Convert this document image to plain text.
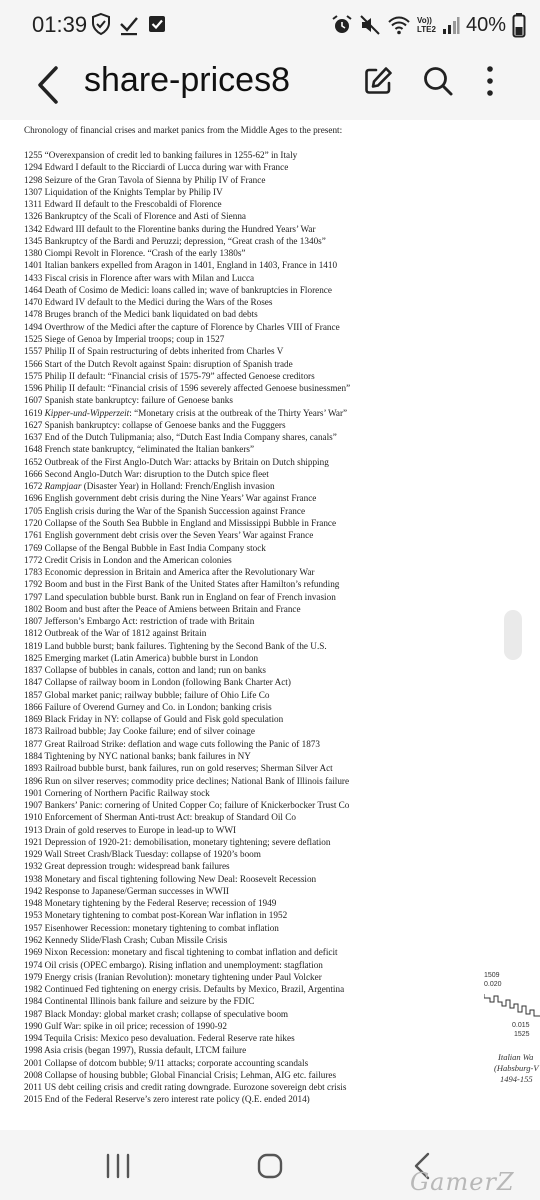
01:39	Vo))
LTE2 40%
share-prices8
Chronology of financial crises and market panics from the Middle Ages to the present:
1255 “Overexpansion of credit led to banking failures in 1255-62” in Italy
1294 Edward I default to the Ricciardi of Lucca during war with France
1298 Seizure of the Gran Tavola of Sienna by Philip IV of France
1307 Liquidation of the Knights Templar by Philip IV
1311 Edward II default to the Frescobaldi of Florence
1326 Bankruptcy of the Scali of Florence and Asti of Sienna
1342 Edward III default to the Florentine banks during the Hundred Years’ War
1345 Bankruptcy of the Bardi and Peruzzi; depression, “Great crash of the 1340s”
1380 Ciompi Revolt in Florence. “Crash of the early 1380s”
1401 Italian bankers expelled from Aragon in 1401, England in 1403, France in 1410
1433 Fiscal crisis in Florence after wars with Milan and Lucca
1464 Death of Cosimo de Medici: loans called in; wave of bankruptcies in Florence
1470 Edward IV default to the Medici during the Wars of the Roses
1478 Bruges branch of the Medici bank liquidated on bad debts
1494 Overthrow of the Medici after the capture of Florence by Charles VIII of France
1525 Siege of Genoa by Imperial troops; coup in 1527
1557 Philip II of Spain restructuring of debts inherited from Charles V
1566 Start of the Dutch Revolt against Spain: disruption of Spanish trade
1575 Philip II default: “Financial crisis of 1575-79” affected Genoese creditors
1596 Philip II default: “Financial crisis of 1596 severely affected Genoese businessmen”
1607 Spanish state bankruptcy: failure of Genoese banks
1619 Kipper-und-Wipperzeit: “Monetary crisis at the outbreak of the Thirty Years’ War”
1627 Spanish bankruptcy: collapse of Genoese banks and the Fugggers
1637 End of the Dutch Tulipmania; also, “Dutch East India Company shares, canals”
1648 French state bankruptcy, “eliminated the Italian bankers”
1652 Outbreak of the First Anglo-Dutch War: attacks by Britain on Dutch shipping
1666 Second Anglo-Dutch War: disruption to the Dutch spice fleet
1672 Rampjaar (Disaster Year) in Holland: French/English invasion
1696 English government debt crisis during the Nine Years’ War against France
1705 English crisis during the War of the Spanish Succession against France
1720 Collapse of the South Sea Bubble in England and Mississippi Bubble in France
1761 English government debt crisis over the Seven Years’ War against France
1769 Collapse of the Bengal Bubble in East India Company stock
1772 Credit Crisis in London and the American colonies
1783 Economic depression in Britain and America after the Revolutionary War
1792 Boom and bust in the First Bank of the United States after Hamilton’s refunding
1797 Land speculation bubble burst. Bank run in England on fear of French invasion
1802 Boom and bust after the Peace of Amiens between Britain and France
1807 Jefferson’s Embargo Act: restriction of trade with Britain
1812 Outbreak of the War of 1812 against Britain
1819 Land bubble burst; bank failures. Tightening by the Second Bank of the U.S.
1825 Emerging market (Latin America) bubble burst in London
1837 Collapse of bubbles in canals, cotton and land; run on banks
1847 Collapse of railway boom in London (following Bank Charter Act)
1857 Global market panic; railway bubble; failure of Ohio Life Co
1866 Failure of Overend Gurney and Co. in London; banking crisis
1869 Black Friday in NY: collapse of Gould and Fisk gold speculation
1873 Railroad bubble; Jay Cooke failure; end of silver coinage
1877 Great Railroad Strike: deflation and wage cuts following the Panic of 1873
1884 Tightening by NYC national banks; bank failures in NY
1893 Railroad bubble burst, bank failures, run on gold reserves; Sherman Silver Act
1896 Run on silver reserves; commodity price declines; National Bank of Illinois failure
1901 Cornering of Northern Pacific Railway stock
1907 Bankers’ Panic: cornering of United Copper Co; failure of Knickerbocker Trust Co
1910 Enforcement of Sherman Anti-trust Act: breakup of Standard Oil Co
1913 Drain of gold reserves to Europe in lead-up to WWI
1921 Depression of 1920-21: demobilisation, monetary tightening; severe deflation
1929 Wall Street Crash/Black Tuesday: collapse of 1920’s boom
1932 Great depression trough: widespread bank failures
1938 Monetary and fiscal tightening following New Deal: Roosevelt Recession
1942 Response to Japanese/German successes in WWII
1948 Monetary tightening by the Federal Reserve; recession of 1949
1953 Monetary tightening to combat post-Korean War inflation in 1952
1957 Eisenhower Recession: monetary tightening to combat inflation
1962 Kennedy Slide/Flash Crash; Cuban Missile Crisis
1969 Nixon Recession: monetary and fiscal tightening to combat inflation and deficit
1974 Oil crisis (OPEC embargo). Rising inflation and unemployment: stagflation
1979 Energy crisis (Iranian Revolution): monetary tightening under Paul Volcker
1982 Continued Fed tightening on energy crisis. Defaults by Mexico, Brazil, Argentina
1984 Continental Illinois bank failure and seizure by the FDIC
1987 Black Monday: global market crash; collapse of speculative boom
1990 Gulf War: spike in oil price; recession of 1990-92
1994 Tequila Crisis: Mexico peso devaluation. Federal Reserve rate hikes
1998 Asia crisis (began 1997), Russia default, LTCM failure
2001 Collapse of dotcom bubble; 9/11 attacks; corporate accounting scandals
2008 Collapse of housing bubble; Global Financial Crisis; Lehman, AIG etc. failures
2011 US debt ceiling crisis and credit rating downgrade. Eurozone sovereign debt crisis
2015 End of the Federal Reserve’s zero interest rate policy (Q.E. ended 2014)
1509
0.020
0.015
1525
Italian Wa
(Habsburg-V
1494-155
GamerZ
